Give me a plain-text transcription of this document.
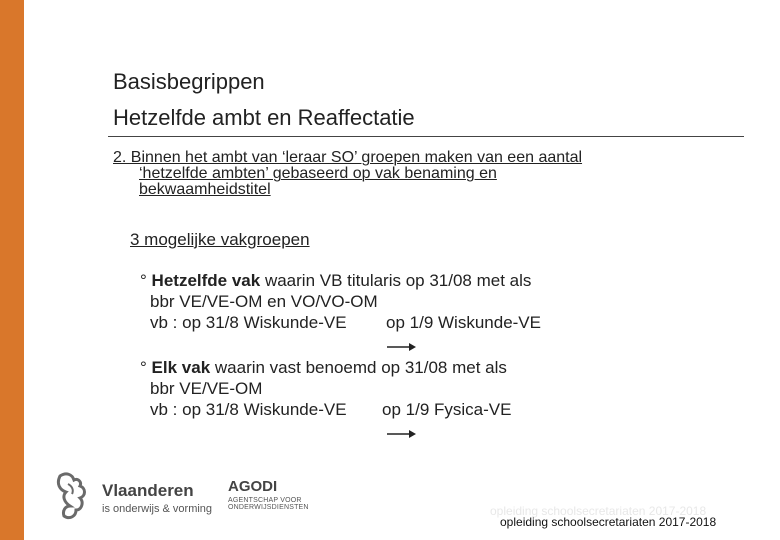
Basisbegrippen
Hetzelfde ambt en Reaffectatie
2. Binnen het ambt van ‘leraar SO’ groepen maken van een aantal
‘hetzelfde ambten’ gebaseerd op vak benaming en
bekwaamheidstitel
3 mogelijke vakgroepen
° Hetzelfde vak waarin VB titularis op 31/08 met als
bbr VE/VE-OM en VO/VO-OM
vb : op 31/8 Wiskunde-VE op 1/9 Wiskunde-VE
° Elk vak waarin vast benoemd op 31/08 met als
bbr VE/VE-OM
vb : op 31/8 Wiskunde-VE op 1/9 Fysica-VE
Vlaanderen
is onderwijs & vorming
AGODI
AGENTSCHAP VOOR
ONDERWIJSDIENSTEN	opleiding schoolsecretariaten 2017-2018
opleiding schoolsecretariaten 2017-2018
